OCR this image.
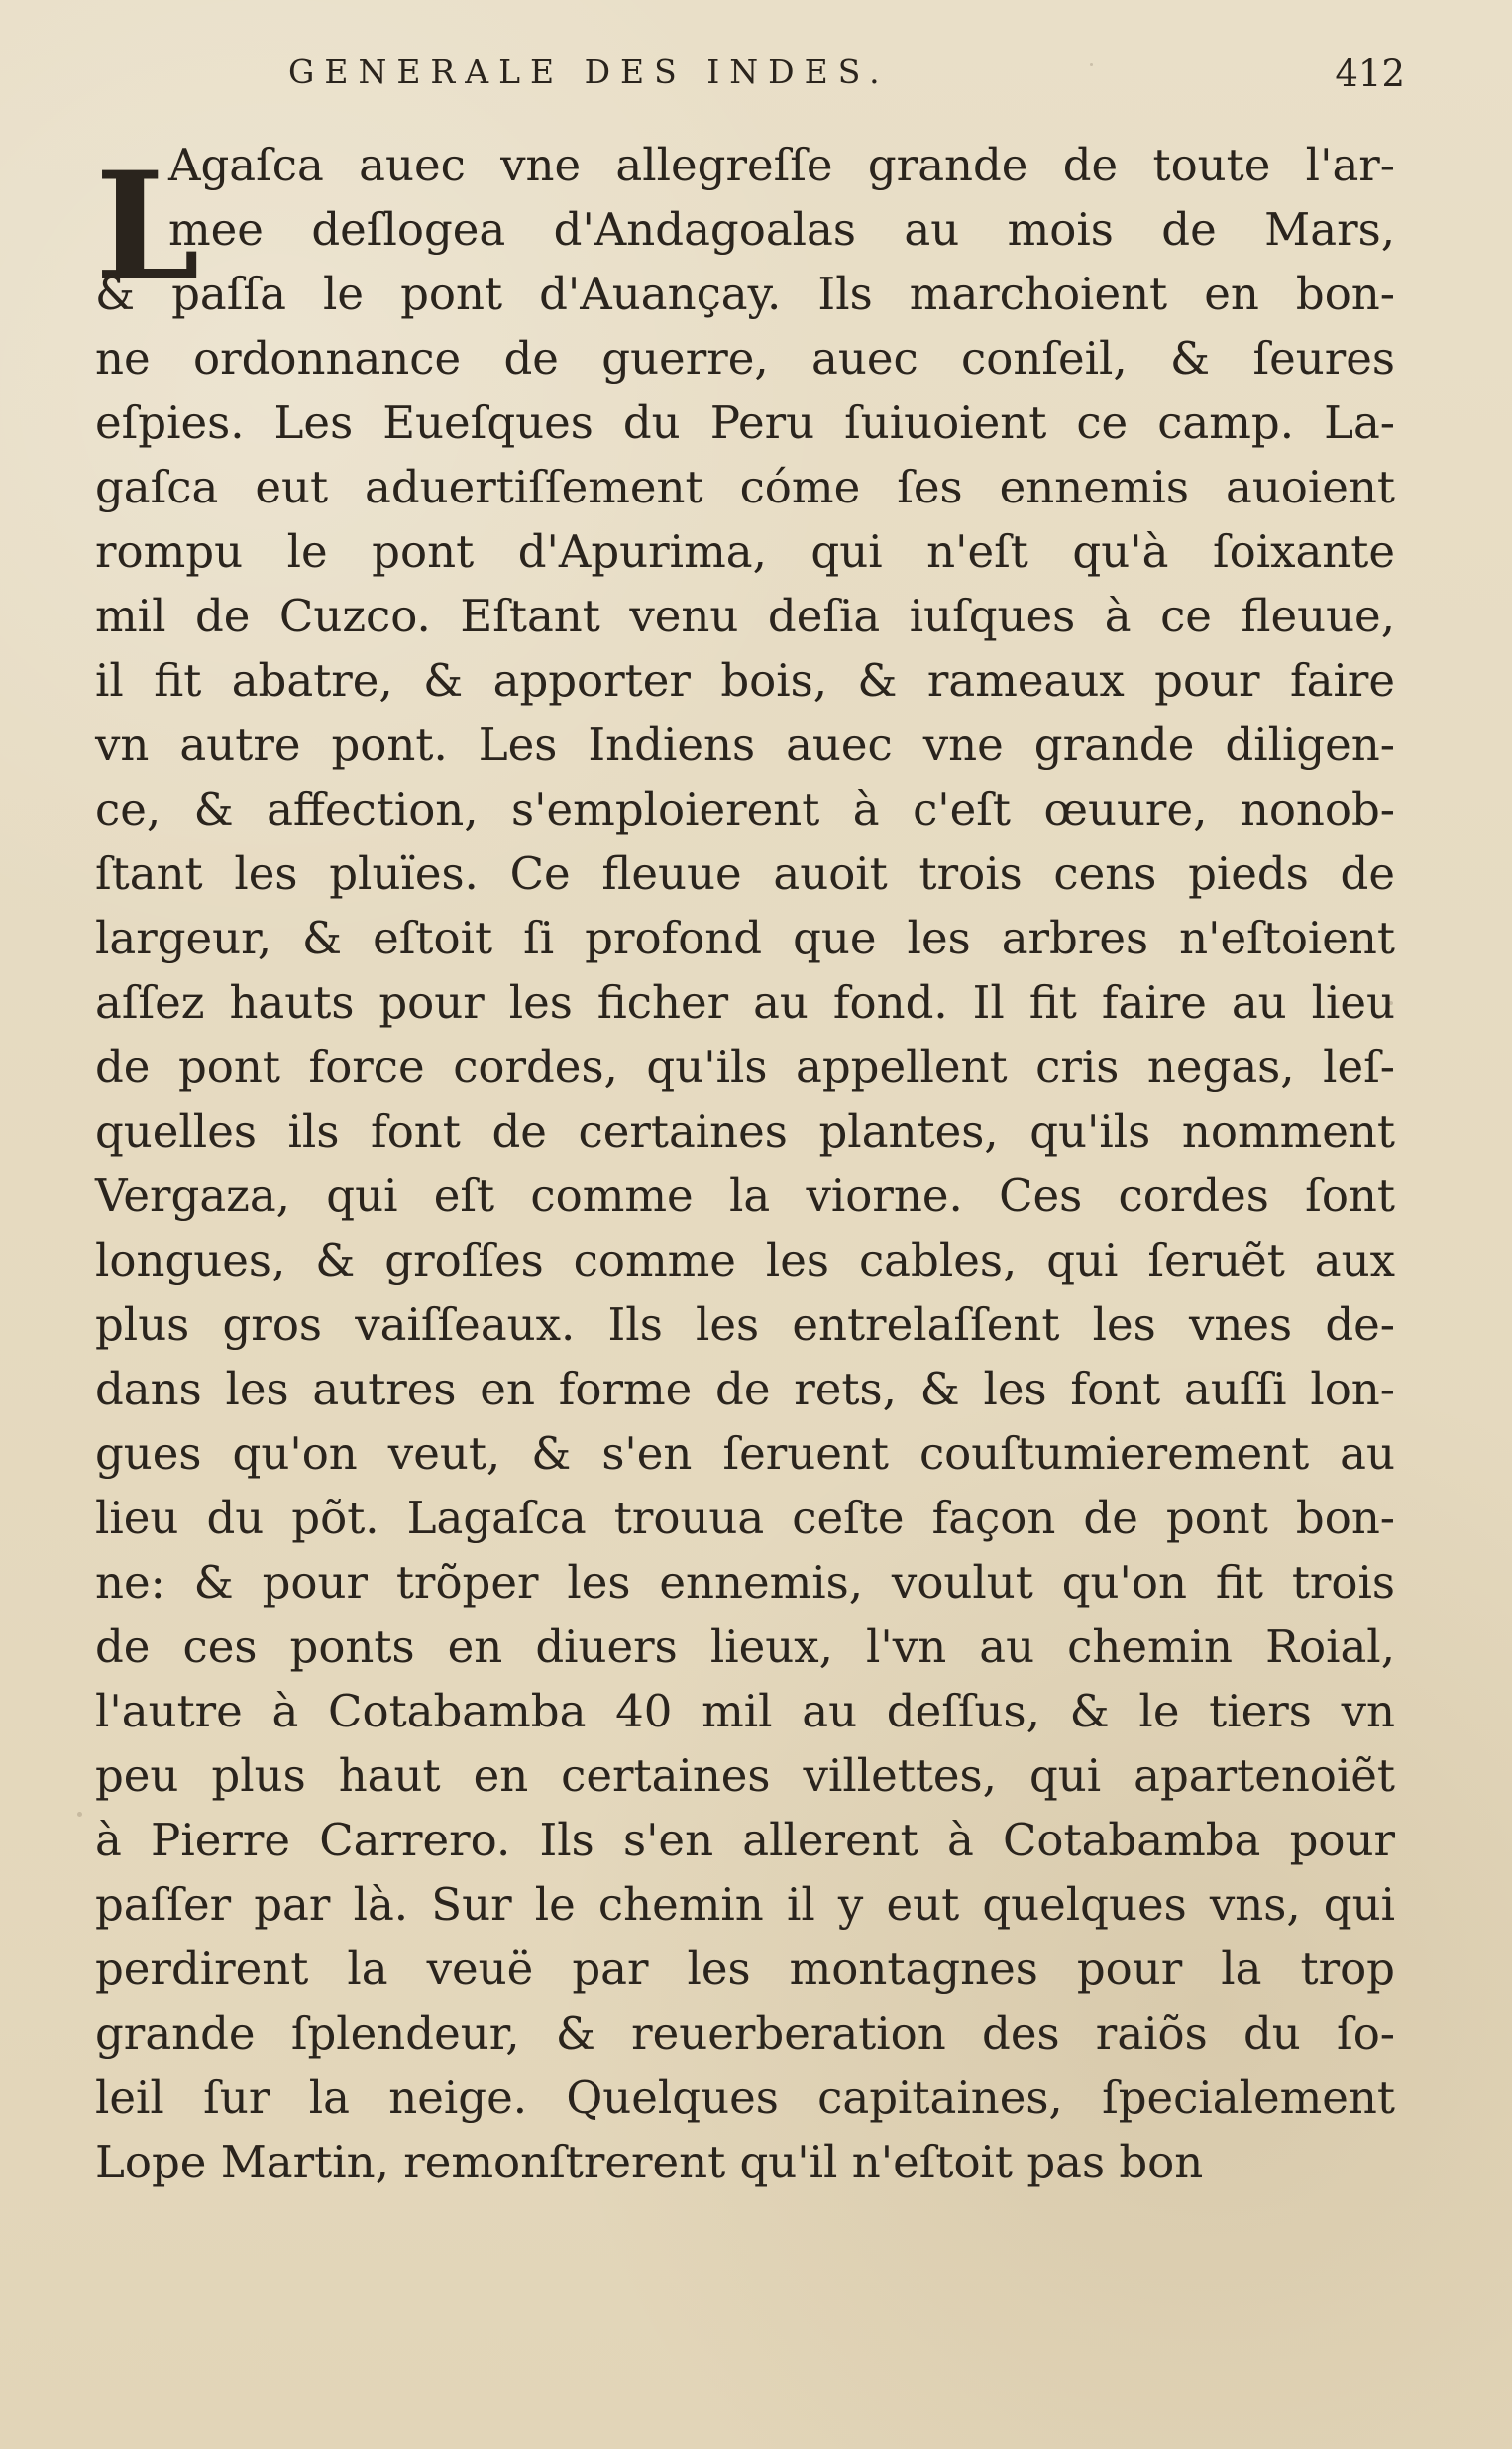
GENERALE DES INDES.	412
L
Agaſca auec vne allegreſſe grande de toute l'ar-
mee deſlogea d'Andagoalas au mois de Mars,
& paſſa le pont d'Auançay. Ils marchoient en bon-
ne ordonnance de guerre, auec conſeil, & ſeures
eſpies. Les Eueſques du Peru ſuiuoient ce camp. La-
gaſca eut aduertiſſement cóme ſes ennemis auoient
rompu le pont d'Apurima, qui n'eſt qu'à ſoixante
mil de Cuzco. Eſtant venu deſia iuſques à ce fleuue,
il fit abatre, & apporter bois, & rameaux pour faire
vn autre pont. Les Indiens auec vne grande diligen-
ce, & affection, s'emploierent à c'eſt œuure, nonob-
ſtant les pluïes. Ce fleuue auoit trois cens pieds de
largeur, & eſtoit ſi profond que les arbres n'eſtoient
aſſez hauts pour les ficher au fond. Il fit faire au lieu
de pont force cordes, qu'ils appellent cris negas, leſ-
quelles ils font de certaines plantes, qu'ils nomment
Vergaza, qui eſt comme la viorne. Ces cordes ſont
longues, & groſſes comme les cables, qui ſeruẽt aux
plus gros vaiſſeaux. Ils les entrelaſſent les vnes de-
dans les autres en forme de rets, & les font auſſi lon-
gues qu'on veut, & s'en ſeruent couſtumierement au
lieu du põt. Lagaſca trouua ceſte façon de pont bon-
ne: & pour trõper les ennemis, voulut qu'on fit trois
de ces ponts en diuers lieux, l'vn au chemin Roial,
l'autre à Cotabamba 40 mil au deſſus, & le tiers vn
peu plus haut en certaines villettes, qui apartenoiẽt
à Pierre Carrero. Ils s'en allerent à Cotabamba pour
paſſer par là. Sur le chemin il y eut quelques vns, qui
perdirent la veuë par les montagnes pour la trop
grande ſplendeur, & reuerberation des raiõs du ſo-
leil ſur la neige. Quelques capitaines, ſpecialement
Lope Martin, remonſtrerent qu'il n'eſtoit pas bon
